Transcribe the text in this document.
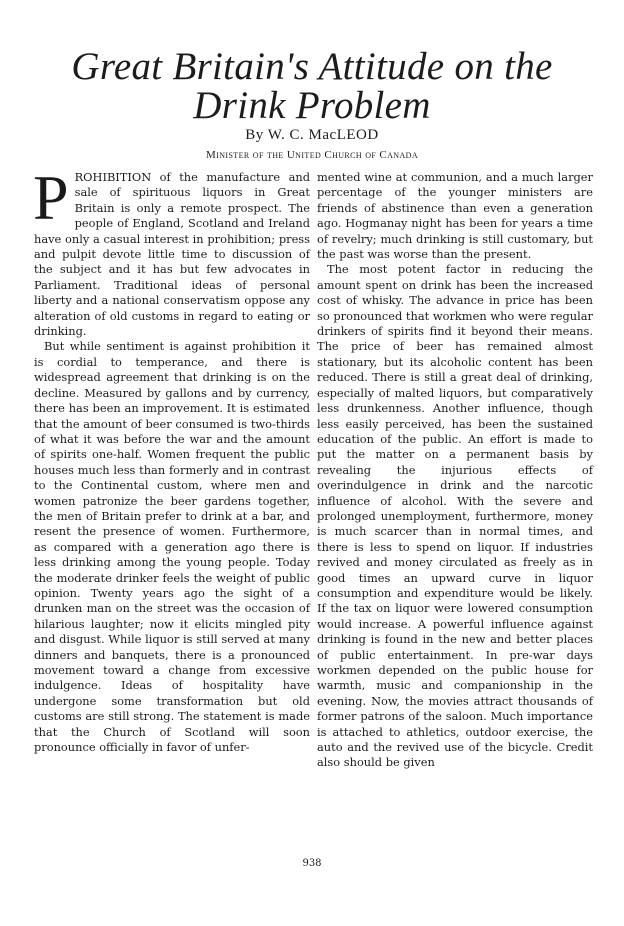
Great Britain's Attitude on the
Drink Problem
By W. C. MacLEOD
Minister of the United Church of Canada

PROHIBITION of the manufacture and sale of spirituous liquors in Great Britain is only a remote prospect. The people of England, Scotland and Ireland have only a casual interest in prohibition; press and pulpit devote little time to discussion of the subject and it has but few advocates in Parliament. Traditional ideas of personal liberty and a national conservatism oppose any alteration of old customs in regard to eating or drinking.

But while sentiment is against prohibition it is cordial to temperance, and there is widespread agreement that drinking is on the decline. Measured by gallons and by currency, there has been an improvement. It is estimated that the amount of beer consumed is two-thirds of what it was before the war and the amount of spirits one-half. Women frequent the public houses much less than formerly and in contrast to the Continental custom, where men and women patronize the beer gardens together, the men of Britain prefer to drink at a bar, and resent the presence of women. Furthermore, as compared with a generation ago there is less drinking among the young people. Today the moderate drinker feels the weight of public opinion. Twenty years ago the sight of a drunken man on the street was the occasion of hilarious laughter; now it elicits mingled pity and disgust. While liquor is still served at many dinners and banquets, there is a pronounced movement toward a change from excessive indulgence. Ideas of hospitality have undergone some transformation but old customs are still strong. The statement is made that the Church of Scotland will soon pronounce officially in favor of unfer-

mented wine at communion, and a much larger percentage of the younger ministers are friends of abstinence than even a generation ago. Hogmanay night has been for years a time of revelry; much drinking is still customary, but the past was worse than the present.

The most potent factor in reducing the amount spent on drink has been the increased cost of whisky. The advance in price has been so pronounced that workmen who were regular drinkers of spirits find it beyond their means. The price of beer has remained almost stationary, but its alcoholic content has been reduced. There is still a great deal of drinking, especially of malted liquors, but comparatively less drunkenness. Another influence, though less easily perceived, has been the sustained education of the public. An effort is made to put the matter on a permanent basis by revealing the injurious effects of overindulgence in drink and the narcotic influence of alcohol. With the severe and prolonged unemployment, furthermore, money is much scarcer than in normal times, and there is less to spend on liquor. If industries revived and money circulated as freely as in good times an upward curve in liquor consumption and expenditure would be likely. If the tax on liquor were lowered consumption would increase. A powerful influence against drinking is found in the new and better places of public entertainment. In pre-war days workmen depended on the public house for warmth, music and companionship in the evening. Now, the movies attract thousands of former patrons of the saloon. Much importance is attached to athletics, outdoor exercise, the auto and the revived use of the bicycle. Credit also should be given

938
